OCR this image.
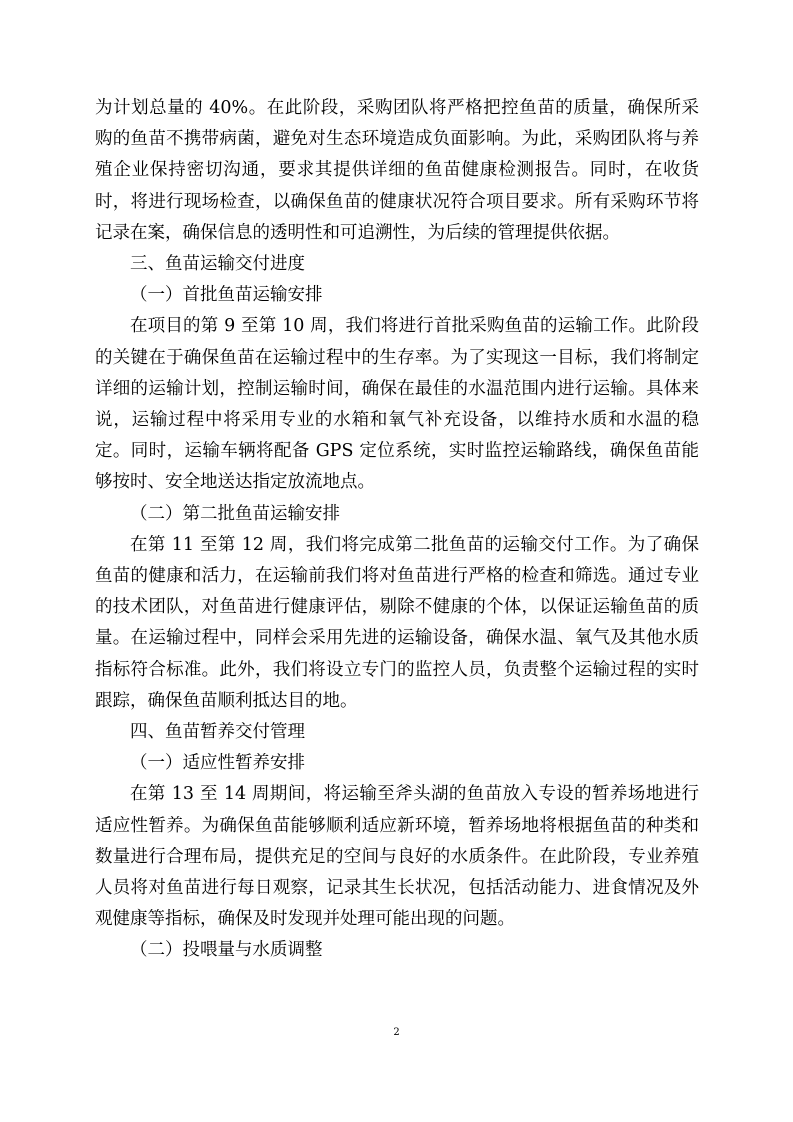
为计划总量的 40%。在此阶段，采购团队将严格把控鱼苗的质量，确保所采购的鱼苗不携带病菌，避免对生态环境造成负面影响。为此，采购团队将与养殖企业保持密切沟通，要求其提供详细的鱼苗健康检测报告。同时，在收货时，将进行现场检查，以确保鱼苗的健康状况符合项目要求。所有采购环节将记录在案，确保信息的透明性和可追溯性，为后续的管理提供依据。

三、鱼苗运输交付进度

（一）首批鱼苗运输安排

在项目的第 9 至第 10 周，我们将进行首批采购鱼苗的运输工作。此阶段的关键在于确保鱼苗在运输过程中的生存率。为了实现这一目标，我们将制定详细的运输计划，控制运输时间，确保在最佳的水温范围内进行运输。具体来说，运输过程中将采用专业的水箱和氧气补充设备，以维持水质和水温的稳定。同时，运输车辆将配备 GPS 定位系统，实时监控运输路线，确保鱼苗能够按时、安全地送达指定放流地点。

（二）第二批鱼苗运输安排

在第 11 至第 12 周，我们将完成第二批鱼苗的运输交付工作。为了确保鱼苗的健康和活力，在运输前我们将对鱼苗进行严格的检查和筛选。通过专业的技术团队，对鱼苗进行健康评估，剔除不健康的个体，以保证运输鱼苗的质量。在运输过程中，同样会采用先进的运输设备，确保水温、氧气及其他水质指标符合标准。此外，我们将设立专门的监控人员，负责整个运输过程的实时跟踪，确保鱼苗顺利抵达目的地。

四、鱼苗暂养交付管理

（一）适应性暂养安排

在第 13 至 14 周期间，将运输至斧头湖的鱼苗放入专设的暂养场地进行适应性暂养。为确保鱼苗能够顺利适应新环境，暂养场地将根据鱼苗的种类和数量进行合理布局，提供充足的空间与良好的水质条件。在此阶段，专业养殖人员将对鱼苗进行每日观察，记录其生长状况，包括活动能力、进食情况及外观健康等指标，确保及时发现并处理可能出现的问题。

（二）投喂量与水质调整

2
